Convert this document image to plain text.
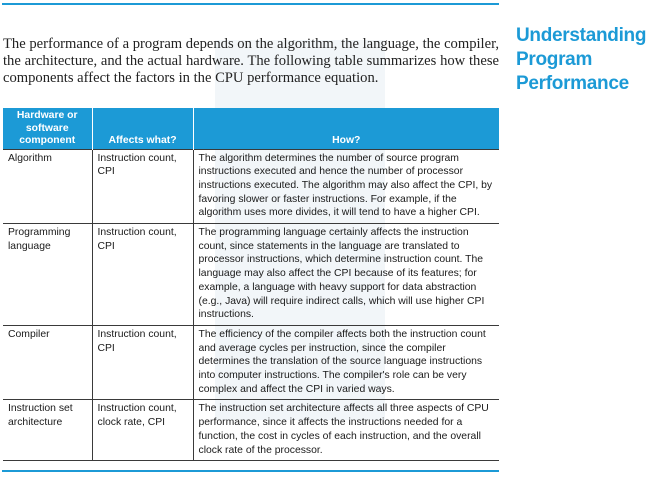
The performance of a program depends on the algorithm, the language, the compiler, the architecture, and the actual hardware. The following table summarizes how these components affect the factors in the CPU performance equation.

Understanding
Program
Performance
Hardware or software component	Affects what?	How?
Algorithm	Instruction count, CPI	The algorithm determines the number of source program instructions executed and hence the number of processor instructions executed. The algorithm may also affect the CPI, by favoring slower or faster instructions. For example, if the algorithm uses more divides, it will tend to have a higher CPI.
Programming language	Instruction count, CPI	The programming language certainly affects the instruction count, since statements in the language are translated to processor instructions, which determine instruction count. The language may also affect the CPI because of its features; for example, a language with heavy support for data abstraction (e.g., Java) will require indirect calls, which will use higher CPI instructions.
Compiler	Instruction count, CPI	The efficiency of the compiler affects both the instruction count and average cycles per instruction, since the compiler determines the translation of the source language instructions into computer instructions. The compiler's role can be very complex and affect the CPI in varied ways.
Instruction set architecture	Instruction count, clock rate, CPI	The instruction set architecture affects all three aspects of CPU performance, since it affects the instructions needed for a function, the cost in cycles of each instruction, and the overall clock rate of the processor.
